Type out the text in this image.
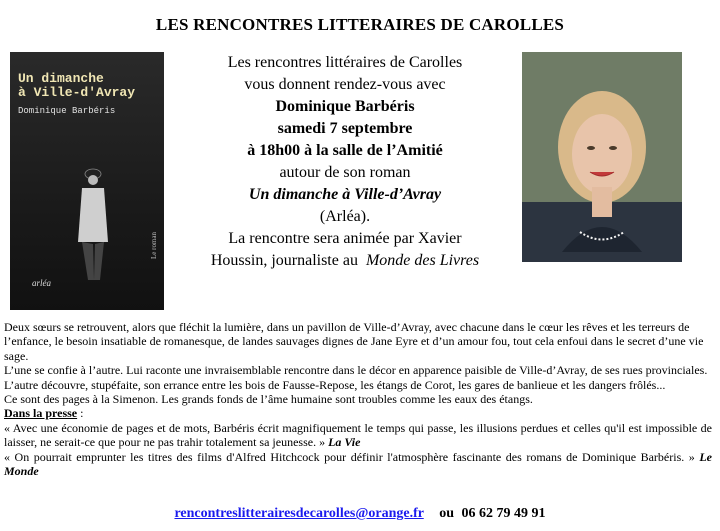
LES RENCONTRES LITTERAIRES DE CAROLLES
Un dimanche
à Ville-d'Avray
Dominique Barbéris
arléa
Le roman
Les rencontres littéraires de Carolles
vous donnent rendez-vous avec
Dominique Barbéris
samedi 7 septembre
à 18h00 à la salle de l’Amitié
autour de son roman
Un dimanche à Ville-d’Avray
(Arléa).
La rencontre sera animée par Xavier
Houssin, journaliste au Monde des Livres

Deux sœurs se retrouvent, alors que fléchit la lumière, dans un pavillon de Ville-d’Avray, avec chacune dans le cœur les rêves et les terreurs de l’enfance, le besoin insatiable de romanesque, de landes sauvages dignes de Jane Eyre et d’un amour fou, tout cela enfoui dans le secret d’une vie sage.

L’une se confie à l’autre. Lui raconte une invraisemblable rencontre dans le décor en apparence paisible de Ville-d’Avray, de ses rues provinciales. L’autre découvre, stupéfaite, son errance entre les bois de Fausse-Repose, les étangs de Corot, les gares de banlieue et les dangers frôlés...

Ce sont des pages à la Simenon. Les grands fonds de l’âme humaine sont troubles comme les eaux des étangs.

Dans la presse :

« Avec une économie de pages et de mots, Barbéris écrit magnifiquement le temps qui passe, les illusions perdues et celles qu'il est impossible de laisser, ne serait-ce que pour ne pas trahir totalement sa jeunesse. » La Vie

« On pourrait emprunter les titres des films d'Alfred Hitchcock pour définir l'atmosphère fascinante des romans de Dominique Barbéris. » Le Monde

rencontreslitterairesdecarolles@orange.fr ou 06 62 79 49 91
